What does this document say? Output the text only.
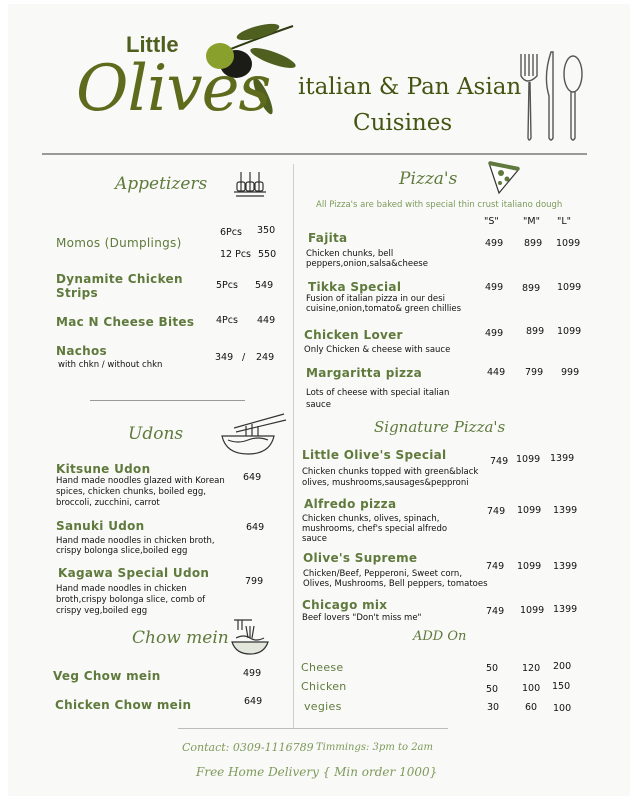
Little
Olives italian & Pan Asian
Cuisines
Appetizers
Momos (Dumplings)
6Pcs 350
12 Pcs 550
Dynamite Chicken
Strips
5Pcs 549
Mac N Cheese Bites 4Pcs 449
Nachos
with chkn / without chkn
349 / 249
Udons
Kitsune Udon
Hand made noodles glazed with Korean
spices, chicken chunks, boiled egg,
broccoli, zucchini, carrot
649
Sanuki Udon
Hand made noodles in chicken broth,
crispy bolonga slice,boiled egg
649
Kagawa Special Udon
Hand made noodles in chicken
broth,crispy bolonga slice, comb of
crispy veg,boiled egg
799
Chow mein
Veg Chow mein	499
Chicken Chow mein	649
Pizza's
All Pizza's are baked with special thin crust italiano dough
"S"	"M" "L"
Fajita
Chicken chunks, bell
peppers,onion,salsa&cheese
499 899 1099
Tikka Special
Fusion of italian pizza in our desi
cuisine,onion,tomato& green chillies
499 899 1099
Chicken Lover
Only Chicken & cheese with sauce
499 899 1099
Margaritta pizza
Lots of cheese with special italian
sauce
449 799 999
Signature Pizza's
Little Olive's Special
Chicken chunks topped with green&black
olives, mushrooms,sausages&pepproni
749 1099 1399
Alfredo pizza
Chicken chunks, olives, spinach,
mushrooms, chef's special alfredo
sauce
749 1099 1399
Olive's Supreme
Chicken/Beef, Pepperoni, Sweet corn,
Olives, Mushrooms, Bell peppers, tomatoes
749 1099 1399
Chicago mix
Beef lovers "Don't miss me"
749 1099 1399
ADD On
Cheese	50	120 200
Chicken	50	100 150
vegies	30	60 100
Contact: 0309-1116789 Timmings: 3pm to 2am
Free Home Delivery { Min order 1000}
